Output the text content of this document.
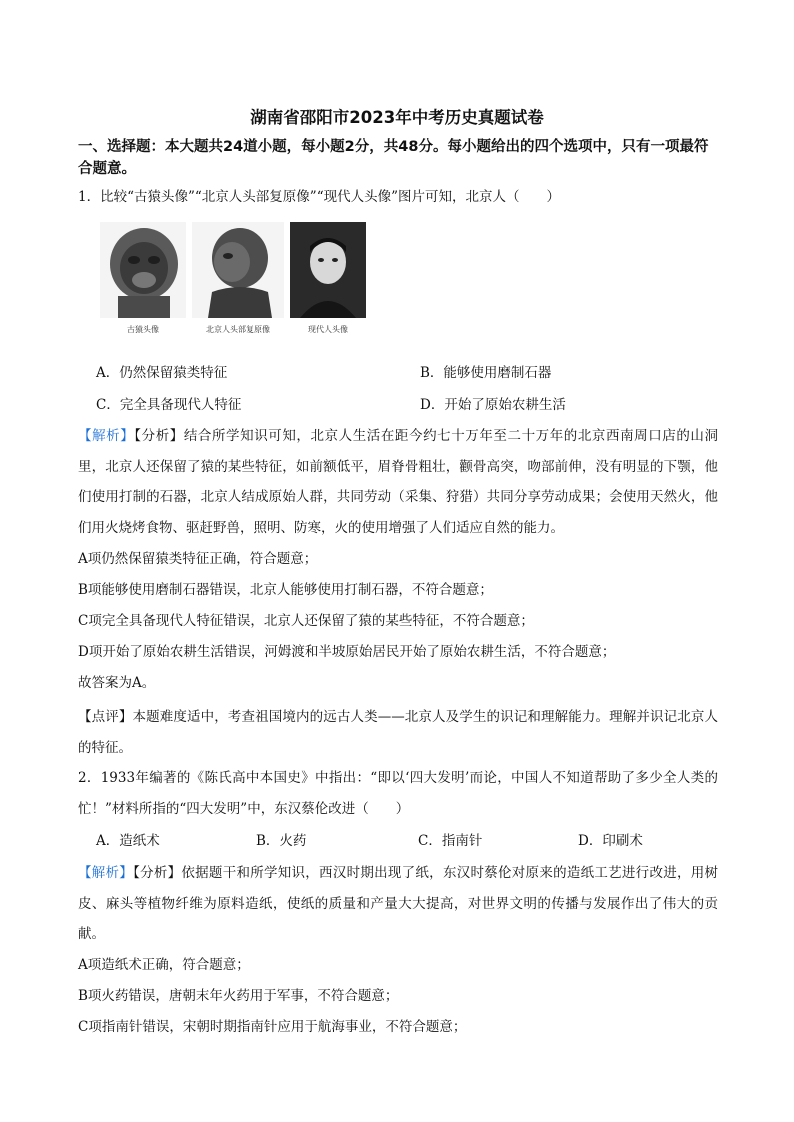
湖南省邵阳市2023年中考历史真题试卷
一、选择题：本大题共24道小题，每小题2分，共48分。每小题给出的四个选项中，只有一项最符合题意。
1．比较“古猿头像”“北京人头部复原像”“现代人头像”图片可知，北京人（　　）
古猿头像	北京人头部复原像	现代人头像
A．仍然保留猿类特征	B．能够使用磨制石器
C．完全具备现代人特征	D．开始了原始农耕生活
【解析】【分析】结合所学知识可知，北京人生活在距今约七十万年至二十万年的北京西南周口店的山洞里，北京人还保留了猿的某些特征，如前额低平，眉脊骨粗壮，颧骨高突，吻部前伸，没有明显的下颚，他们使用打制的石器，北京人结成原始人群，共同劳动（采集、狩猎）共同分享劳动成果；会使用天然火，他们用火烧烤食物、驱赶野兽，照明、防寒，火的使用增强了人们适应自然的能力。
A项仍然保留猿类特征正确，符合题意；
B项能够使用磨制石器错误，北京人能够使用打制石器，不符合题意；
C项完全具备现代人特征错误，北京人还保留了猿的某些特征，不符合题意；
D项开始了原始农耕生活错误，河姆渡和半坡原始居民开始了原始农耕生活，不符合题意；
故答案为A。
【点评】本题难度适中，考查祖国境内的远古人类——北京人及学生的识记和理解能力。理解并识记北京人的特征。
2．1933年编著的《陈氏高中本国史》中指出：“即以‘四大发明’而论，中国人不知道帮助了多少全人类的忙！”材料所指的“四大发明”中，东汉蔡伦改进（　　）
A．造纸术	B．火药	C．指南针	D．印刷术
【解析】【分析】依据题干和所学知识，西汉时期出现了纸，东汉时蔡伦对原来的造纸工艺进行改进，用树皮、麻头等植物纤维为原料造纸，使纸的质量和产量大大提高，对世界文明的传播与发展作出了伟大的贡献。
A项造纸术正确，符合题意；
B项火药错误，唐朝末年火药用于军事，不符合题意；
C项指南针错误，宋朝时期指南针应用于航海事业，不符合题意；
